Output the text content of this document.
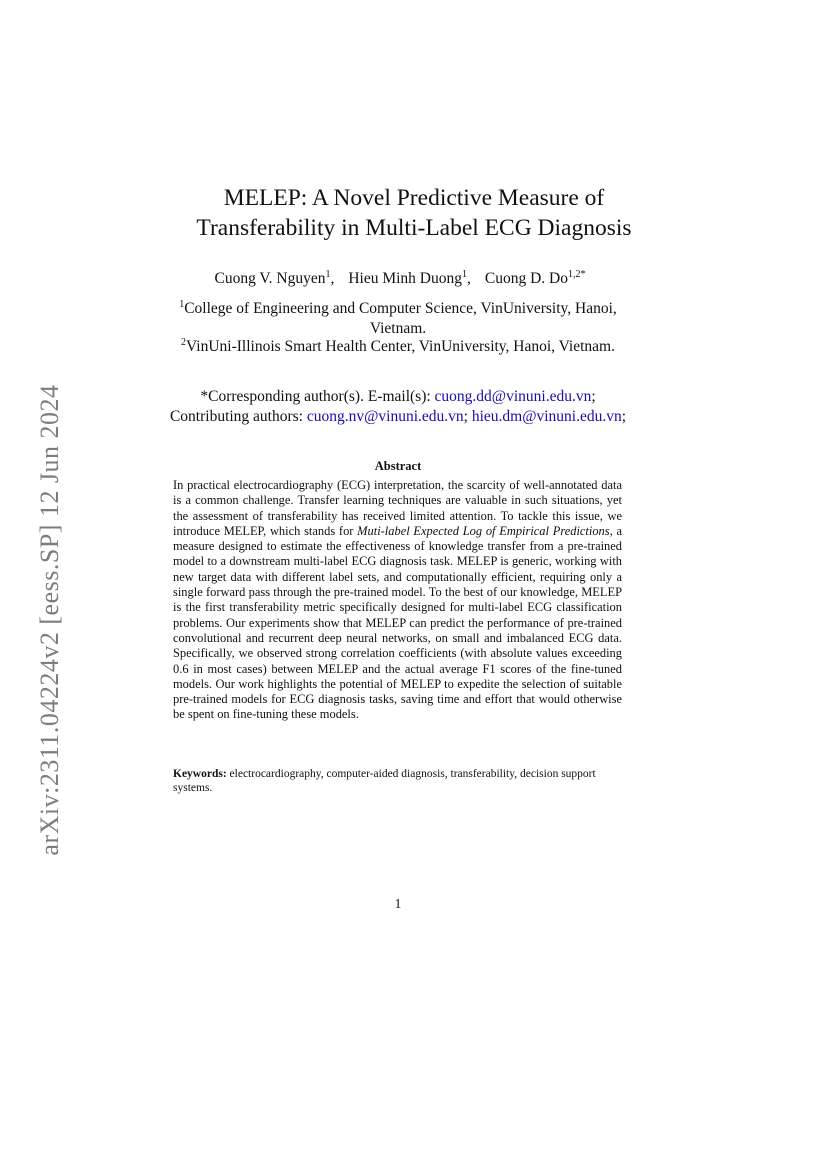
arXiv:2311.04224v2 [eess.SP] 12 Jun 2024
MELEP: A Novel Predictive Measure of
Transferability in Multi-Label ECG Diagnosis
Cuong V. Nguyen$^1$, Hieu Minh Duong$^1$, Cuong D. $Do^{1,2*}$
$^1$College of Engineering and Computer Science, VinUniversity, Hanoi, Vietnam.
$^2$VinUni-Illinois Smart Health Center, VinUniversity, Hanoi, Vietnam.
*Corresponding author(s). E-mail(s): cuong.dd@vinuni.edu.vn;
Contributing authors: cuong.nv@vinuni.edu.vn; hieu.dm@vinuni.edu.vn;
Abstract
In practical electrocardiography (ECG) interpretation, the scarcity of well-annotated data is a common challenge. Transfer learning techniques are valuable in such situations, yet the assessment of transferability has received limited attention. To tackle this issue, we introduce MELEP, which stands for Muti-label Expected Log of Empirical Predictions, a measure designed to estimate the effectiveness of knowledge transfer from a pre-trained model to a downstream multi-label ECG diagnosis task. MELEP is generic, working with new target data with different label sets, and computationally efficient, requiring only a single forward pass through the pre-trained model. To the best of our knowledge, MELEP is the first transferability metric specifically designed for multi-label ECG classification problems. Our experiments show that MELEP can predict the performance of pre-trained convolutional and recurrent deep neural networks, on small and imbalanced ECG data. Specifically, we observed strong correlation coefficients (with absolute values exceeding 0.6 in most cases) between MELEP and the actual average F1 scores of the fine-tuned models. Our work highlights the potential of MELEP to expedite the selection of suitable pre-trained models for ECG diagnosis tasks, saving time and effort that would otherwise be spent on fine-tuning these models.
Keywords: electrocardiography, computer-aided diagnosis, transferability, decision support systems.
1
